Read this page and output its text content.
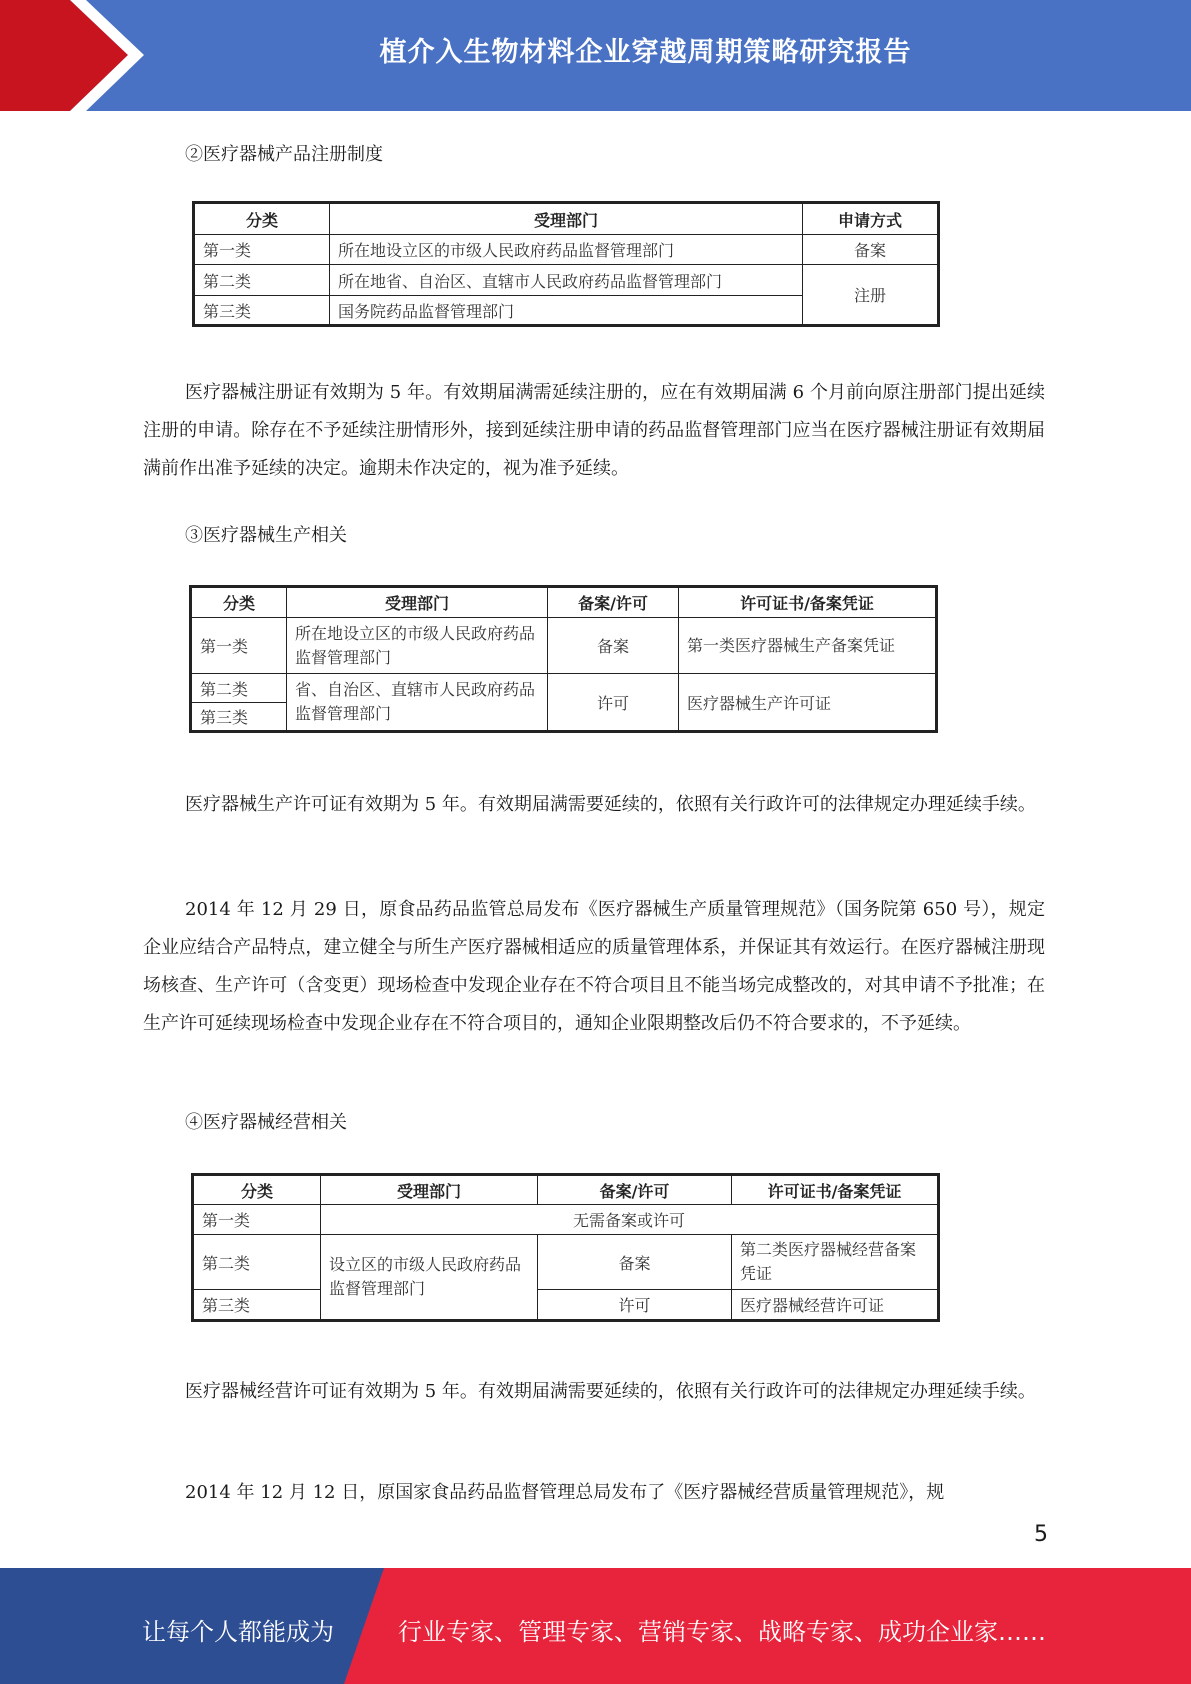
植介入生物材料企业穿越周期策略研究报告
②医疗器械产品注册制度
分类	受理部门	申请方式
第一类	所在地设立区的市级人民政府药品监督管理部门	备案
第二类	所在地省、自治区、直辖市人民政府药品监督管理部门	注册
第三类	国务院药品监督管理部门	
医疗器械注册证有效期为 5 年。有效期届满需延续注册的，应在有效期届满 6 个月前向原注册部门提出延续注册的申请。除存在不予延续注册情形外，接到延续注册申请的药品监督管理部门应当在医疗器械注册证有效期届满前作出准予延续的决定。逾期未作决定的，视为准予延续。
③医疗器械生产相关
分类	受理部门	备案/许可	许可证书/备案凭证
第一类	所在地设立区的市级人民政府药品监督管理部门	备案	第一类医疗器械生产备案凭证
第二类	省、自治区、直辖市人民政府药品监督管理部门	许可	医疗器械生产许可证
第三类			
医疗器械生产许可证有效期为 5 年。有效期届满需要延续的，依照有关行政许可的法律规定办理延续手续。
2014 年 12 月 29 日，原食品药品监管总局发布《医疗器械生产质量管理规范》（国务院第 650 号），规定企业应结合产品特点，建立健全与所生产医疗器械相适应的质量管理体系，并保证其有效运行。在医疗器械注册现场核查、生产许可（含变更）现场检查中发现企业存在不符合项目且不能当场完成整改的，对其申请不予批准；在生产许可延续现场检查中发现企业存在不符合项目的，通知企业限期整改后仍不符合要求的，不予延续。
④医疗器械经营相关
分类	受理部门	备案/许可	许可证书/备案凭证
第一类	无需备案或许可		
第二类	设立区的市级人民政府药品监督管理部门	备案	第二类医疗器械经营备案凭证
第三类		许可	医疗器械经营许可证
医疗器械经营许可证有效期为 5 年。有效期届满需要延续的，依照有关行政许可的法律规定办理延续手续。
2014 年 12 月 12 日，原国家食品药品监督管理总局发布了《医疗器械经营质量管理规范》，规
5
让每个人都能成为	行业专家、管理专家、营销专家、战略专家、成功企业家……
